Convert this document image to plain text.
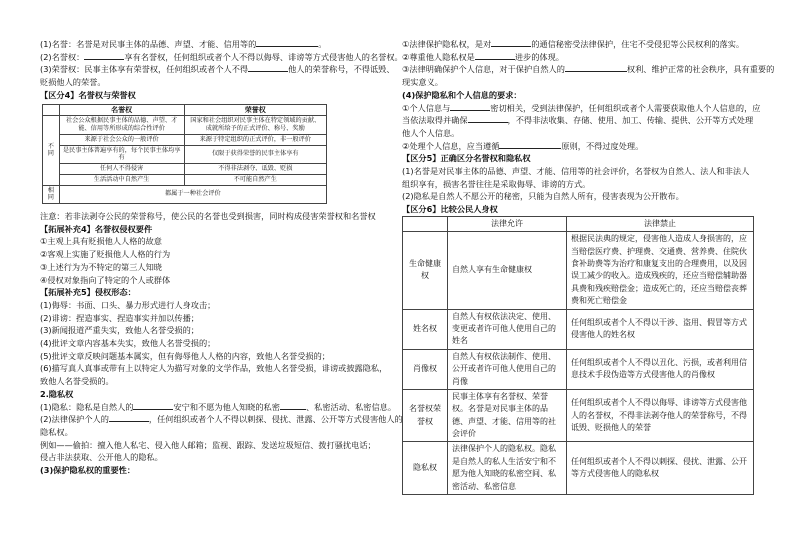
(1)名誉：名誉是对民事主体的品德、声望、才能、信用等的	。

(2)名誉权：	享有名誉权，任何组织或者个人不得以侮辱、诽谤等方式侵害他人的名誉权。

(3)荣誉权：民事主体享有荣誉权，任何组织或者个人不得	他人的荣誉称号，不得诋毁、

贬损他人的荣誉。

【区分4】名誉权与荣誉权

	名誉权	荣誉权
不同	社会公众根据民事主体的品德、声望、才能、信用等所形成的综合性评价	国家和社会组织对民事主体在特定领域的贡献、成就所给予的正式评价、称号、奖励
	来源于社会公众的一般评价	来源于特定组织的正式评价，非一般评价
	是民事主体普遍享有的，每个民事主体均享有	仅限于获得荣誉的民事主体享有
	任何人不得侵害	不得非法剥夺、诋毁、贬损
	生活活动中自然产生	不可能自然产生
相同	都属于一种社会评价	

注意：若非法剥夺公民的荣誉称号，使公民的名誉也受到损害，同时构成侵害荣誉权和名誉权

【拓展补充4】名誉权侵权要件

①主观上具有贬损他人人格的故意

②客观上实施了贬损他人人格的行为

③上述行为为不特定的第三人知晓

④侵权对象指向了特定的个人或群体

【拓展补充5】侵权形态：

(1)侮辱：书面、口头、暴力形式进行人身攻击；

(2)诽谤：捏造事实、捏造事实并加以传播；

(3)新闻报道严重失实，致他人名誉受损的；

(4)批评文章内容基本失实，致他人名誉受损的；

(5)批评文章反映问题基本属实，但有侮辱他人人格的内容，致他人名誉受损的；

(6)描写真人真事或带有上以特定人为描写对象的文学作品，致他人名誉受损，诽谤或披露隐私，

致他人名誉受损的。

2.隐私权

(1)隐私：隐私是自然人的	安宁和不愿为他人知晓的私密	、私密活动、私密信息。

(2)法律保护个人的	，任何组织或者个人不得以刺探、侵扰、泄露、公开等方式侵害他人的

隐私权。

例如——偷拍：擅入他人私宅、侵入他人邮箱；监视、跟踪、发送垃圾短信、拨打骚扰电话；

侵占非法获取、公开他人的隐私。

(3)保护隐私权的重要性：

①法律保护隐私权，是对	的通信秘密受法律保护，住宅不受侵犯等公民权利的落实。

②尊重他人隐私权是	进步的体现。

③法律明确保护个人信息，对于保护自然人的	权利、维护正常的社会秩序，具有重要的

现实意义。

(4)保护隐私和个人信息的要求：

①个人信息与	密切相关，受到法律保护，任何组织或者个人需要获取他人个人信息的，应

当依法取得并确保	，不得非法收集、存储、使用、加工、传输、提供、公开等方式处理

他人个人信息。

②处理个人信息，应当遵循	原则，不得过度处理。

【区分5】正确区分名誉权和隐私权

(1)名誉是对民事主体的品德、声望、才能、信用等的社会评价，名誉权为自然人、法人和非法人

组织享有，损害名誉往往是采取侮辱、诽谤的方式。

(2)隐私是自然人不愿公开的秘密，只能为自然人所有，侵害表现为公开散布。

【区分6】比较公民人身权

	法律允许	法律禁止
生命健康权	自然人享有生命健康权	根据民法典的规定，侵害他人造成人身损害的，应当赔偿医疗费、护理费、交通费、营养费、住院伙食补助费等为治疗和康复支出的合理费用，以及因误工减少的收入。造成残疾的，还应当赔偿辅助器具费和残疾赔偿金；造成死亡的，还应当赔偿丧葬费和死亡赔偿金
姓名权	自然人有权依法决定、使用、变更或者许可他人使用自己的姓名	任何组织或者个人不得以干涉、盗用、假冒等方式侵害他人的姓名权
肖像权	自然人有权依法制作、使用、公开或者许可他人使用自己的肖像	任何组织或者个人不得以丑化、污损，或者利用信息技术手段伪造等方式侵害他人的肖像权
名誉权荣誉权	民事主体享有名誉权、荣誉权。名誉是对民事主体的品德、声望、才能、信用等的社会评价	任何组织或者个人不得以侮辱、诽谤等方式侵害他人的名誉权，不得非法剥夺他人的荣誉称号，不得诋毁、贬损他人的荣誉
隐私权	法律保护个人的隐私权。隐私是自然人的私人生活安宁和不愿为他人知晓的私密空间、私密活动、私密信息	任何组织或者个人不得以刺探、侵扰、泄露、公开等方式侵害他人的隐私权
